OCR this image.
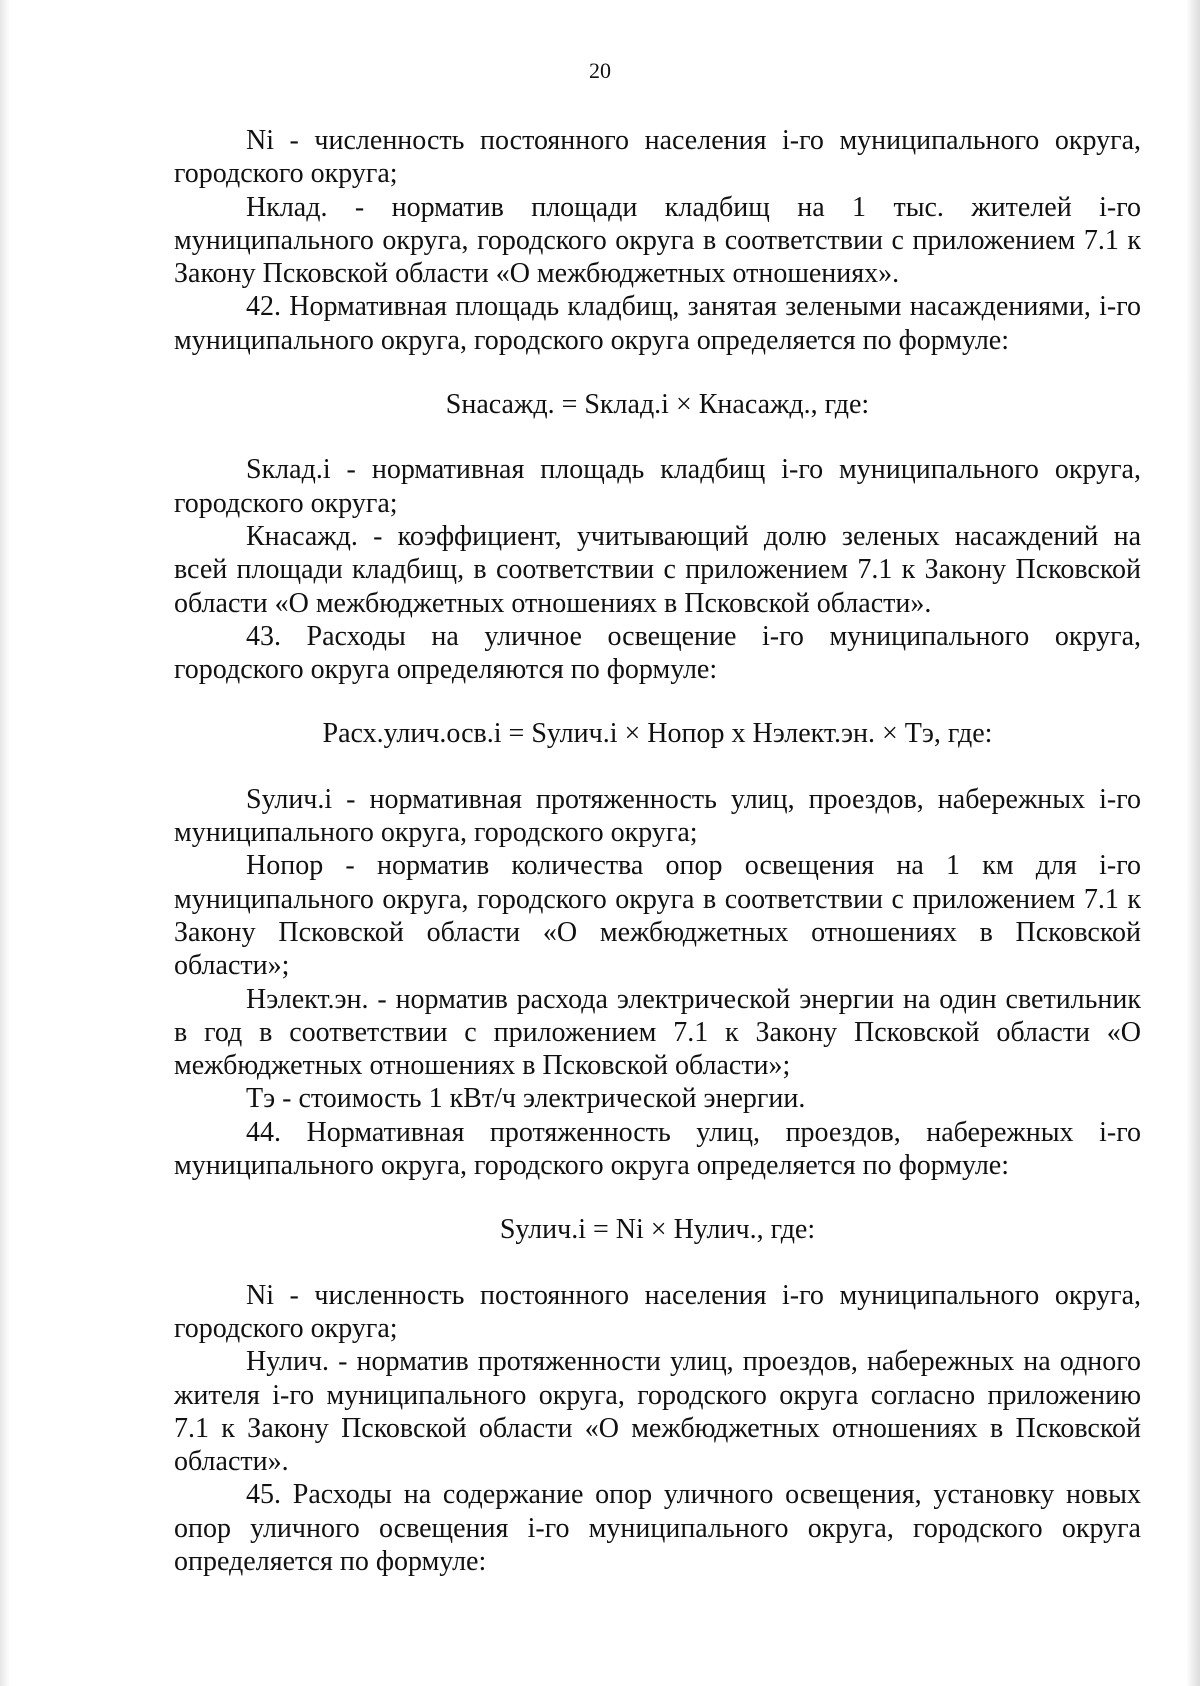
20

Ni - численность постоянного населения i-го муниципального округа, городского округа;

Нклад. - норматив площади кладбищ на 1 тыс. жителей i-го муниципального округа, городского округа в соответствии с приложением 7.1 к Закону Псковской области «О межбюджетных отношениях».

42. Нормативная площадь кладбищ, занятая зелеными насаждениями, i-го муниципального округа, городского округа определяется по формуле:

Sнасажд. = Sклад.i × Кнасажд., где:

Sклад.i - нормативная площадь кладбищ i-го муниципального округа, городского округа;

Кнасажд. - коэффициент, учитывающий долю зеленых насаждений на всей площади кладбищ, в соответствии с приложением 7.1 к Закону Псковской области «О межбюджетных отношениях в Псковской области».

43. Расходы на уличное освещение i-го муниципального округа, городского округа определяются по формуле:

Расх.улич.осв.i = Sулич.i × Нопор х Нэлект.эн. × Тэ, где:

Sулич.i - нормативная протяженность улиц, проездов, набережных i-го муниципального округа, городского округа;

Нопор - норматив количества опор освещения на 1 км для i-го муниципального округа, городского округа в соответствии с приложением 7.1 к Закону Псковской области «О межбюджетных отношениях в Псковской области»;

Нэлект.эн. - норматив расхода электрической энергии на один светильник в год в соответствии с приложением 7.1 к Закону Псковской области «О межбюджетных отношениях в Псковской области»;

Тэ - стоимость 1 кВт/ч электрической энергии.

44. Нормативная протяженность улиц, проездов, набережных i-го муниципального округа, городского округа определяется по формуле:

Sулич.i = Ni × Нулич., где:

Ni - численность постоянного населения i-го муниципального округа, городского округа;

Нулич. - норматив протяженности улиц, проездов, набережных на одного жителя i-го муниципального округа, городского округа согласно приложению 7.1 к Закону Псковской области «О межбюджетных отношениях в Псковской области».

45. Расходы на содержание опор уличного освещения, установку новых опор уличного освещения i-го муниципального округа, городского округа определяется по формуле:
